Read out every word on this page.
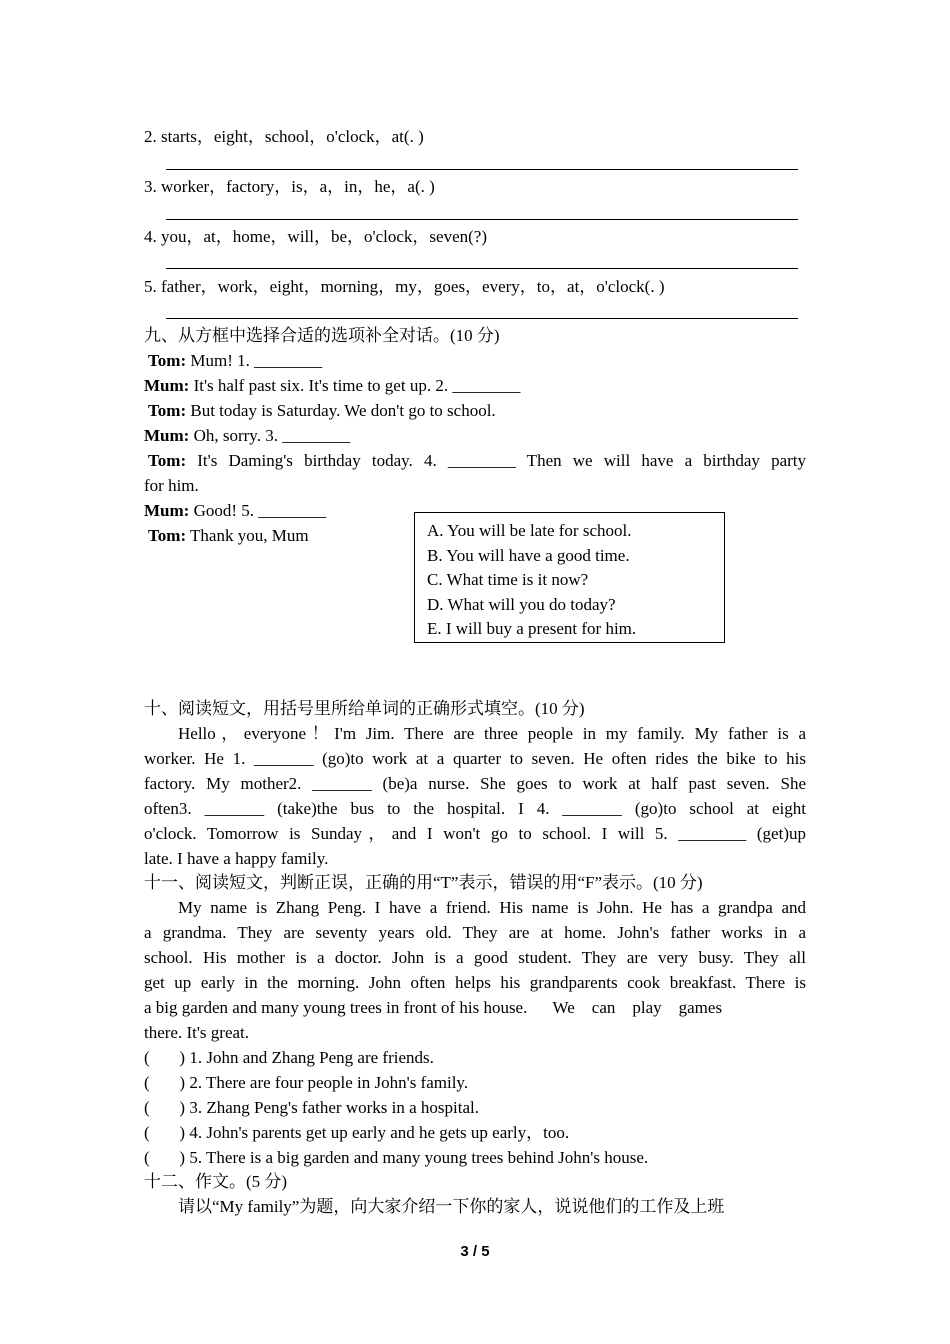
2. starts，eight，school，o'clock，at(. )
3. worker，factory，is，a，in，he，a(. )
4. you，at，home，will，be，o'clock，seven(?)
5. father，work，eight，morning，my，goes，every，to，at，o'clock(. )
九、从方框中选择合适的选项补全对话。(10 分)
Tom: Mum! 1. ________
Mum: It's half past six. It's time to get up. 2. ________
Tom: But today is Saturday. We don't go to school.
Mum: Oh, sorry. 3. ________
Tom: It's Daming's birthday today. 4. ________ Then we will have a birthday party
for him.
Mum: Good! 5. ________
Tom: Thank you, Mum	A. You will be late for school.
B. You will have a good time.
C. What time is it now?
D. What will you do today?
E. I will buy a present for him.
十、阅读短文，用括号里所给单词的正确形式填空。(10 分)
Hello，everyone！I'm Jim. There are three people in my family. My father is a
worker. He 1. _______ (go)to work at a quarter to seven. He often rides the bike to his
factory. My mother2. _______ (be)a nurse. She goes to work at half past seven. She
often3. _______ (take)the bus to the hospital. I 4. _______ (go)to school at eight
o'clock. Tomorrow is Sunday，and I won't go to school. I will 5. ________ (get)up
late. I have a happy family.
十一、阅读短文，判断正误，正确的用“T”表示，错误的用“F”表示。(10 分)
My name is Zhang Peng. I have a friend. His name is John. He has a grandpa and
a grandma. They are seventy years old. They are at home. John's father works in a
school. His mother is a doctor. John is a good student. They are very busy. They all
get up early in the morning. John often helps his grandparents cook breakfast. There is
a big garden and many young trees in front of his house.      We    can    play    games
there. It's great.
(       ) 1. John and Zhang Peng are friends.
(       ) 2. There are four people in John's family.
(       ) 3. Zhang Peng's father works in a hospital.
(       ) 4. John's parents get up early and he gets up early，too.
(       ) 5. There is a big garden and many young trees behind John's house.
十二、作文。(5 分)
请以“My family”为题，向大家介绍一下你的家人，说说他们的工作及上班
3 / 5
